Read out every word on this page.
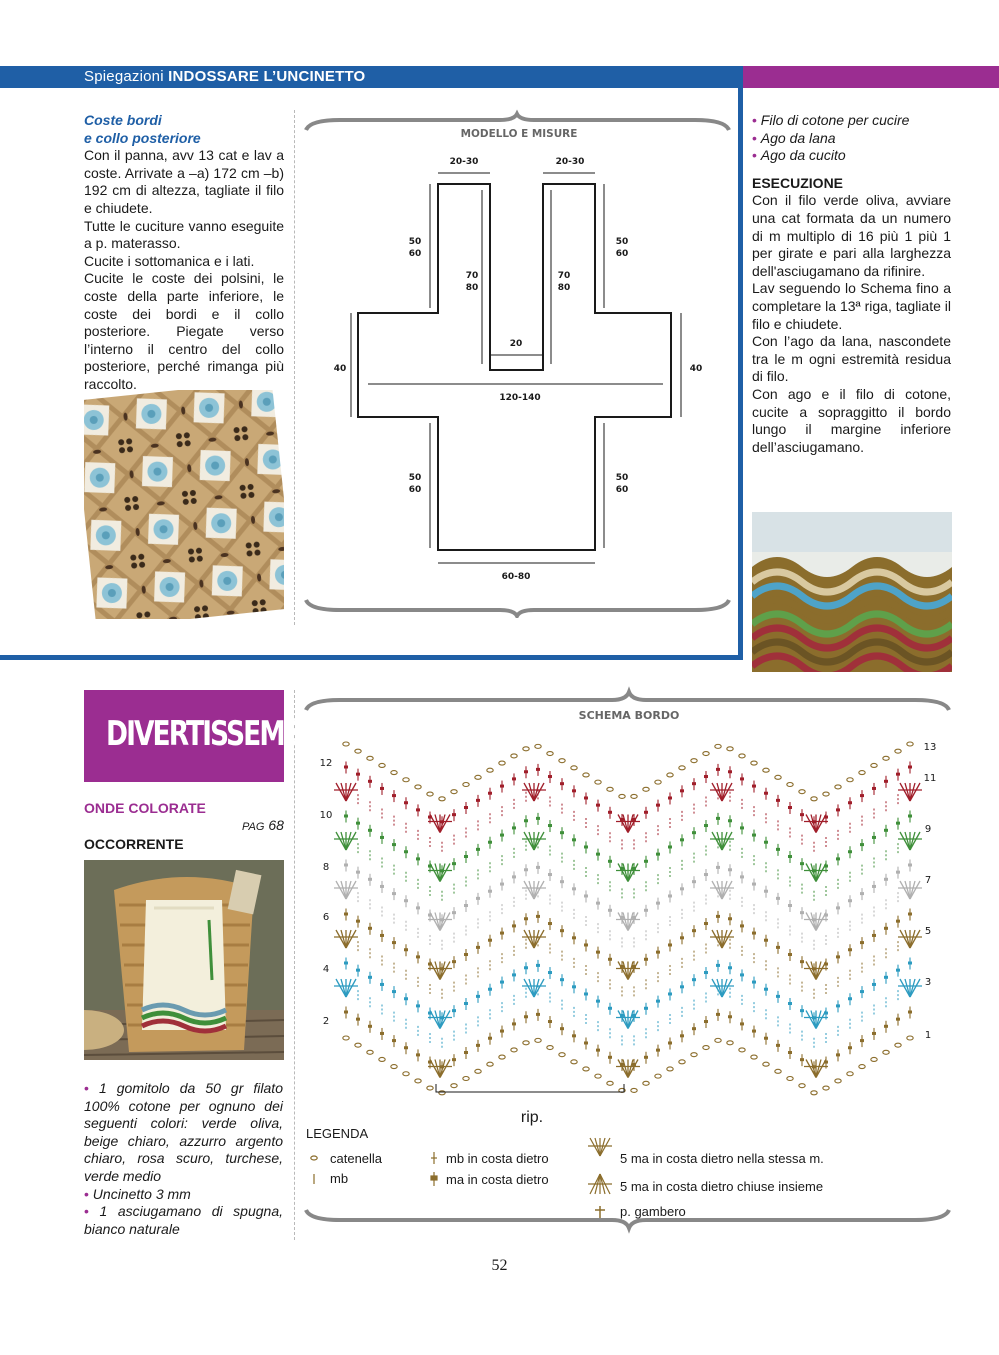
Spiegazioni INDOSSARE L’UNCINETTO
Coste bordi
e collo posteriore

Con il panna, avv 13 cat e lav a coste. Arrivate a –a) 172 cm –b) 192 cm di altezza, tagliate il filo e chiudete.

Tutte le cuciture vanno eseguite a p. materasso.

Cucite i sottomanica e i lati.

Cucite le coste dei polsini, le coste della parte inferiore, le coste dei bordi e il collo posteriore. Piegate verso l’interno il centro del collo posteriore, perché rimanga più raccolto.

MODELLO E MISURE
20-30	20-30
50
60
50
60
70
80
70
80
20
40	40
120-140
50
60
50
60
60-80
• Filo di cotone per cucire
• Ago da lana
• Ago da cucito
ESECUZIONE

Con il filo verde oliva, avviare una cat formata da un numero di m multiplo di 16 più 1 più 1 per girate e pari alla larghezza dell'asciugamano da rifinire.

Lav seguendo lo Schema fino a completare la 13ª riga, tagliate il filo e chiudete.

Con l’ago da lana, nascondete tra le m ogni estremità residua di filo.

Con ago e il filo di cotone, cucite a sopraggitto il bordo lungo il margine inferiore dell’asciugamano.

DIVERTISSEMENT
ONDE COLORATE
PAG 68
OCCORRENTE
• 1 gomitolo da 50 gr filato 100% cotone per ognuno dei seguenti colori: verde oliva, beige chiaro, azzurro argento chiaro, rosa scuro, turchese, verde medio
• Uncinetto 3 mm
• 1 asciugamano di spugna, bianco naturale
SCHEMA BORDO
12
10
8
6
4
2
13
11
9
7
5
3
1
rip.
LEGENDA
catenella
mb
mb in costa dietro
ma in costa dietro
5 ma in costa dietro nella stessa m.
5 ma in costa dietro chiuse insieme
p. gambero
52
